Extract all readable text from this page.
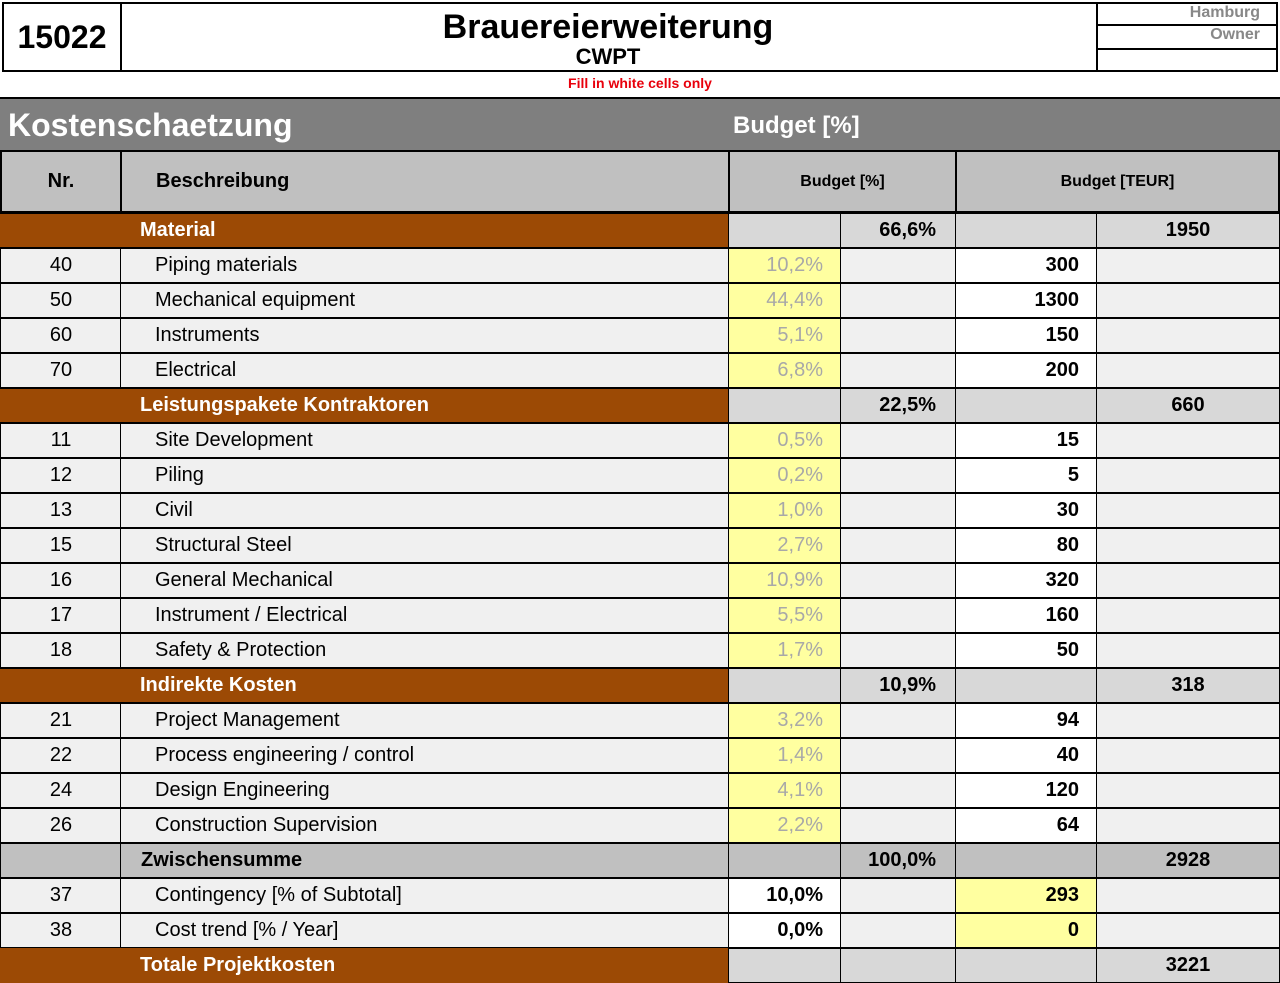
15022	Brauereierweiterung
CWPT
Hamburg
Owner
Fill in white cells only
Kostenschaetzung	Budget [%]
Nr.	Beschreibung	Budget [%]	Budget [TEUR]
Material	66,6%	1950
40	Piping materials	10,2%	300
50	Mechanical equipment	44,4%	1300
60	Instruments	5,1%	150
70	Electrical	6,8%	200
Leistungspakete Kontraktoren	22,5%	660
11	Site Development	0,5%	15
12	Piling	0,2%	5
13	Civil	1,0%	30
15	Structural Steel	2,7%	80
16	General Mechanical	10,9%	320
17	Instrument / Electrical	5,5%	160
18	Safety & Protection	1,7%	50
Indirekte Kosten	10,9%	318
21	Project Management	3,2%	94
22	Process engineering / control	1,4%	40
24	Design Engineering	4,1%	120
26	Construction Supervision	2,2%	64
Zwischensumme	100,0%	2928
37	Contingency [% of Subtotal]	10,0%	293
38	Cost trend [% / Year]	0,0%	0
Totale Projektkosten	3221
